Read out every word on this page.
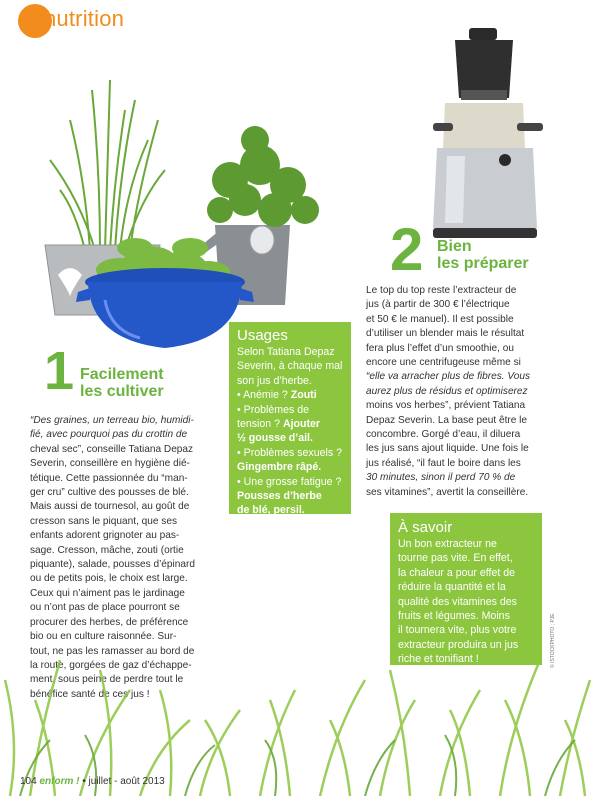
nutrition
1 Facilement
les cultiver

“Des graines, un terreau bio, humidi-

fié, avec pourquoi pas du crottin de

cheval sec”, conseille Tatiana Depaz

Severin, conseillère en hygiène dié-

tétique. Cette passionnée du “man-

ger cru” cultive des pousses de blé.

Mais aussi de tournesol, au goût de

cresson sans le piquant, que ses

enfants adorent grignoter au pas-

sage. Cresson, mâche, zouti (ortie

piquante), salade, pousses d’épinard

ou de petits pois, le choix est large.

Ceux qui n’aiment pas le jardinage

ou n’ont pas de place pourront se

procurer des herbes, de préférence

bio ou en culture raisonnée. Sur-

tout, ne pas les ramasser au bord de

la route, gorgées de gaz d’échappe-

ment, sous peine de perdre tout le

bénéfice santé de ces jus !

Usages
Selon Tatiana Depaz
Severin, à chaque mal
son jus d’herbe.
• Anémie ? Zouti
• Problèmes de
tension ? Ajouter
½ gousse d’ail.
• Problèmes sexuels ?
Gingembre râpé.
• Une grosse fatigue ?
Pousses d’herbe
de blé, persil.
2 Bien
les préparer

Le top du top reste l’extracteur de

jus (à partir de 300 € l’électrique

et 50 € le manuel). Il est possible

d’utiliser un blender mais le résultat

fera plus l’effet d’un smoothie, ou

encore une centrifugeuse même si

“elle va arracher plus de fibres. Vous

aurez plus de résidus et optimiserez

moins vos herbes”, prévient Tatiana

Depaz Severin. La base peut être le

concombre. Gorgé d’eau, il diluera

les jus sans ajout liquide. Une fois le

jus réalisé, “il faut le boire dans les

30 minutes, sinon il perd 70 % de

ses vitamines”, avertit la conseillère.

À savoir
Un bon extracteur ne
tourne pas vite. En effet,
la chaleur a pour effet de
réduire la quantité et la
qualité des vitamines des
fruits et légumes. Moins
il tournera vite, plus votre
extracteur produira un jus
riche et tonifiant !	© ISTOCKPHOTO ; PJE
104 enform ! • juillet - août 2013
